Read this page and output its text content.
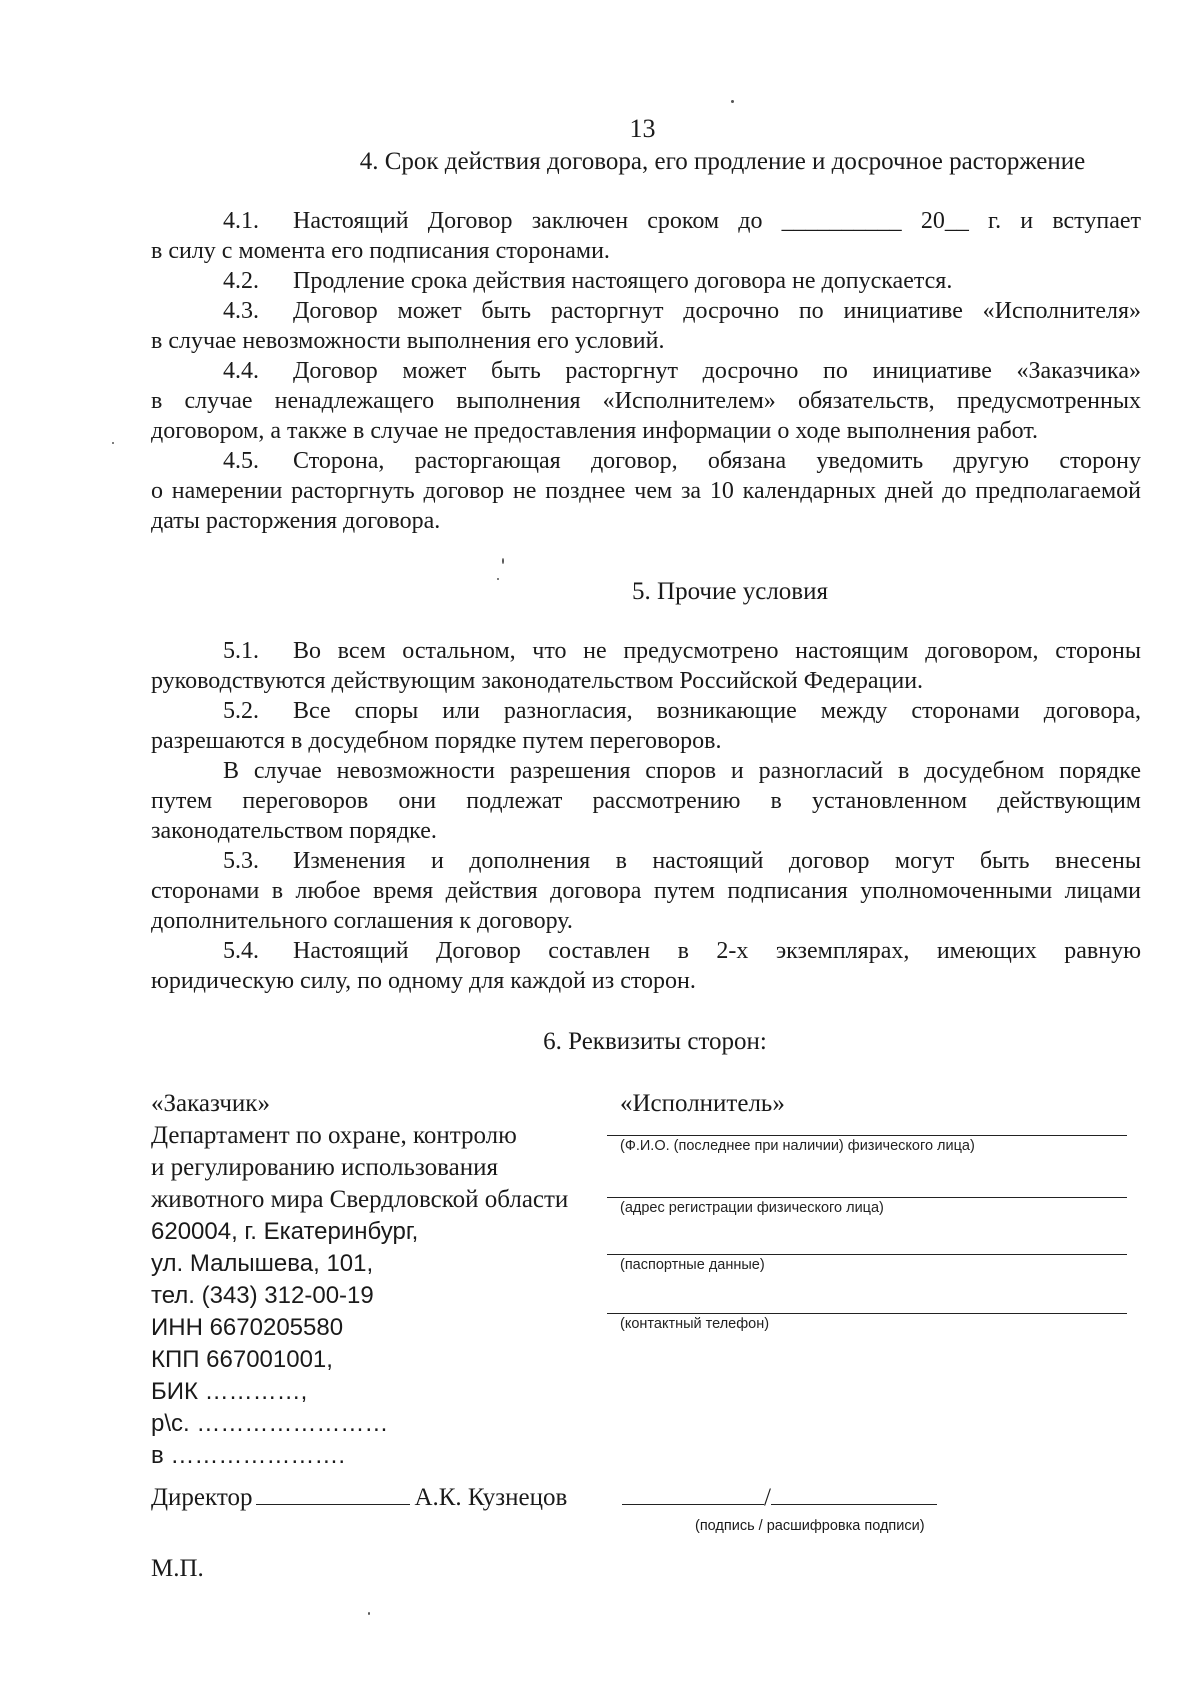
13
4. Срок действия договора, его продление и досрочное расторжение
4.1. Настоящий Договор заключен сроком до __________ 20__ г. и вступает
в силу с момента его подписания сторонами.
4.2. Продление срока действия настоящего договора не допускается.
4.3. Договор может быть расторгнут досрочно по инициативе «Исполнителя»
в случае невозможности выполнения его условий.
4.4. Договор может быть расторгнут досрочно по инициативе «Заказчика»
в случае ненадлежащего выполнения «Исполнителем» обязательств, предусмотренных договором, а также в случае не предоставления информации о ходе выполнения работ.
4.5. Сторона, расторгающая договор, обязана уведомить другую сторону
о намерении расторгнуть договор не позднее чем за 10 календарных дней до предполагаемой даты расторжения договора.
5. Прочие условия
5.1. Во всем остальном, что не предусмотрено настоящим договором, стороны
руководствуются действующим законодательством Российской Федерации.
5.2. Все споры или разногласия, возникающие между сторонами договора,
разрешаются в досудебном порядке путем переговоров.
В случае невозможности разрешения споров и разногласий в досудебном порядке
путем переговоров они подлежат рассмотрению в установленном действующим законодательством порядке.
5.3. Изменения и дополнения в настоящий договор могут быть внесены
сторонами в любое время действия договора путем подписания уполномоченными лицами дополнительного соглашения к договору.
5.4. Настоящий Договор составлен в 2-х экземплярах, имеющих равную
юридическую силу, по одному для каждой из сторон.
6. Реквизиты сторон:
«Заказчик»
Департамент по охране, контролю
и регулированию использования
животного мира Свердловской области
620004, г. Екатеринбург,
ул. Малышева, 101,
тел. (343) 312-00-19
ИНН 6670205580
КПП 667001001,
БИК …………,
р\с. ……………………
в ………………….
«Исполнитель»
(Ф.И.О. (последнее при наличии) физического лица)
(адрес регистрации физического лица)
(паспортные данные)
(контактный телефон)
Директор	А.К. Кузнецов	/
(подпись / расшифровка подписи)
М.П.
